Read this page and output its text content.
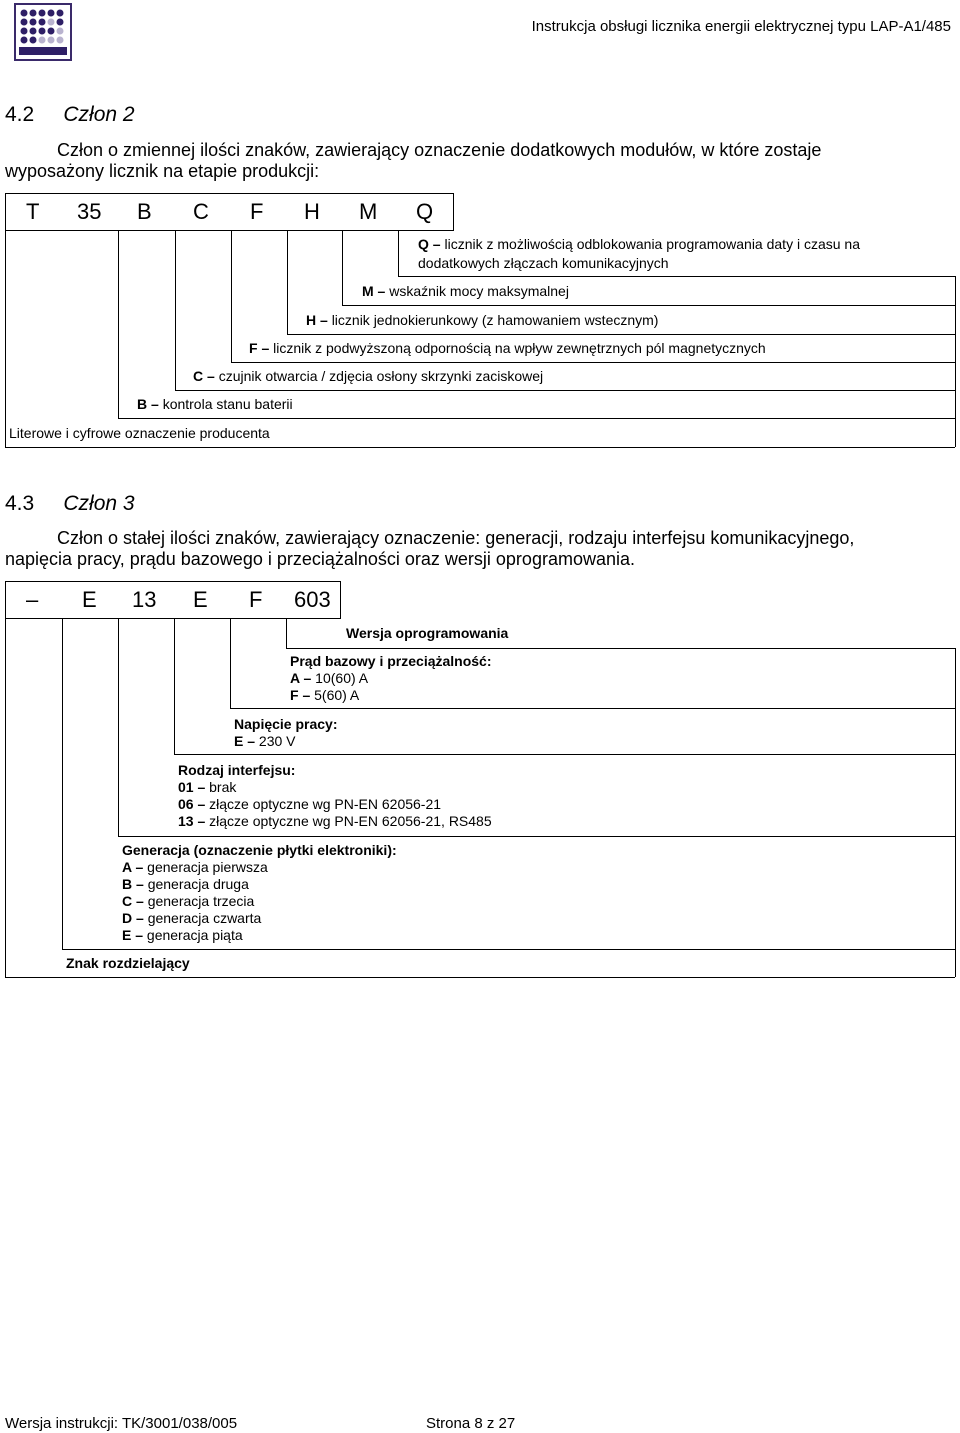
Instrukcja obsługi licznika energii elektrycznej typu LAP-A1/485
4.2 Człon 2
Człon o zmiennej ilości znaków, zawierający oznaczenie dodatkowych modułów, w które zostaje
wyposażony licznik na etapie produkcji:
T 35 B C F H M Q
Q – licznik z możliwością odblokowania programowania daty i czasu na
dodatkowych złączach komunikacyjnych
M – wskaźnik mocy maksymalnej
H – licznik jednokierunkowy (z hamowaniem wstecznym)
F – licznik z podwyższoną odpornością na wpływ zewnętrznych pól magnetycznych
C – czujnik otwarcia / zdjęcia osłony skrzynki zaciskowej
B – kontrola stanu baterii
Literowe i cyfrowe oznaczenie producenta
4.3 Człon 3
Człon o stałej ilości znaków, zawierający oznaczenie: generacji, rodzaju interfejsu komunikacyjnego,
napięcia pracy, prądu bazowego i przeciążalności oraz wersji oprogramowania.
– E 13 E F 603
Wersja oprogramowania
Prąd bazowy i przeciążalność:
A – 10(60) A
F – 5(60) A
Napięcie pracy:
E – 230 V
Rodzaj interfejsu:
01 – brak
06 – złącze optyczne wg PN-EN 62056-21
13 – złącze optyczne wg PN-EN 62056-21, RS485
Generacja (oznaczenie płytki elektroniki):
A – generacja pierwsza
B – generacja druga
C – generacja trzecia
D – generacja czwarta
E – generacja piąta
Znak rozdzielający
Wersja instrukcji: TK/3001/038/005	Strona 8 z 27
